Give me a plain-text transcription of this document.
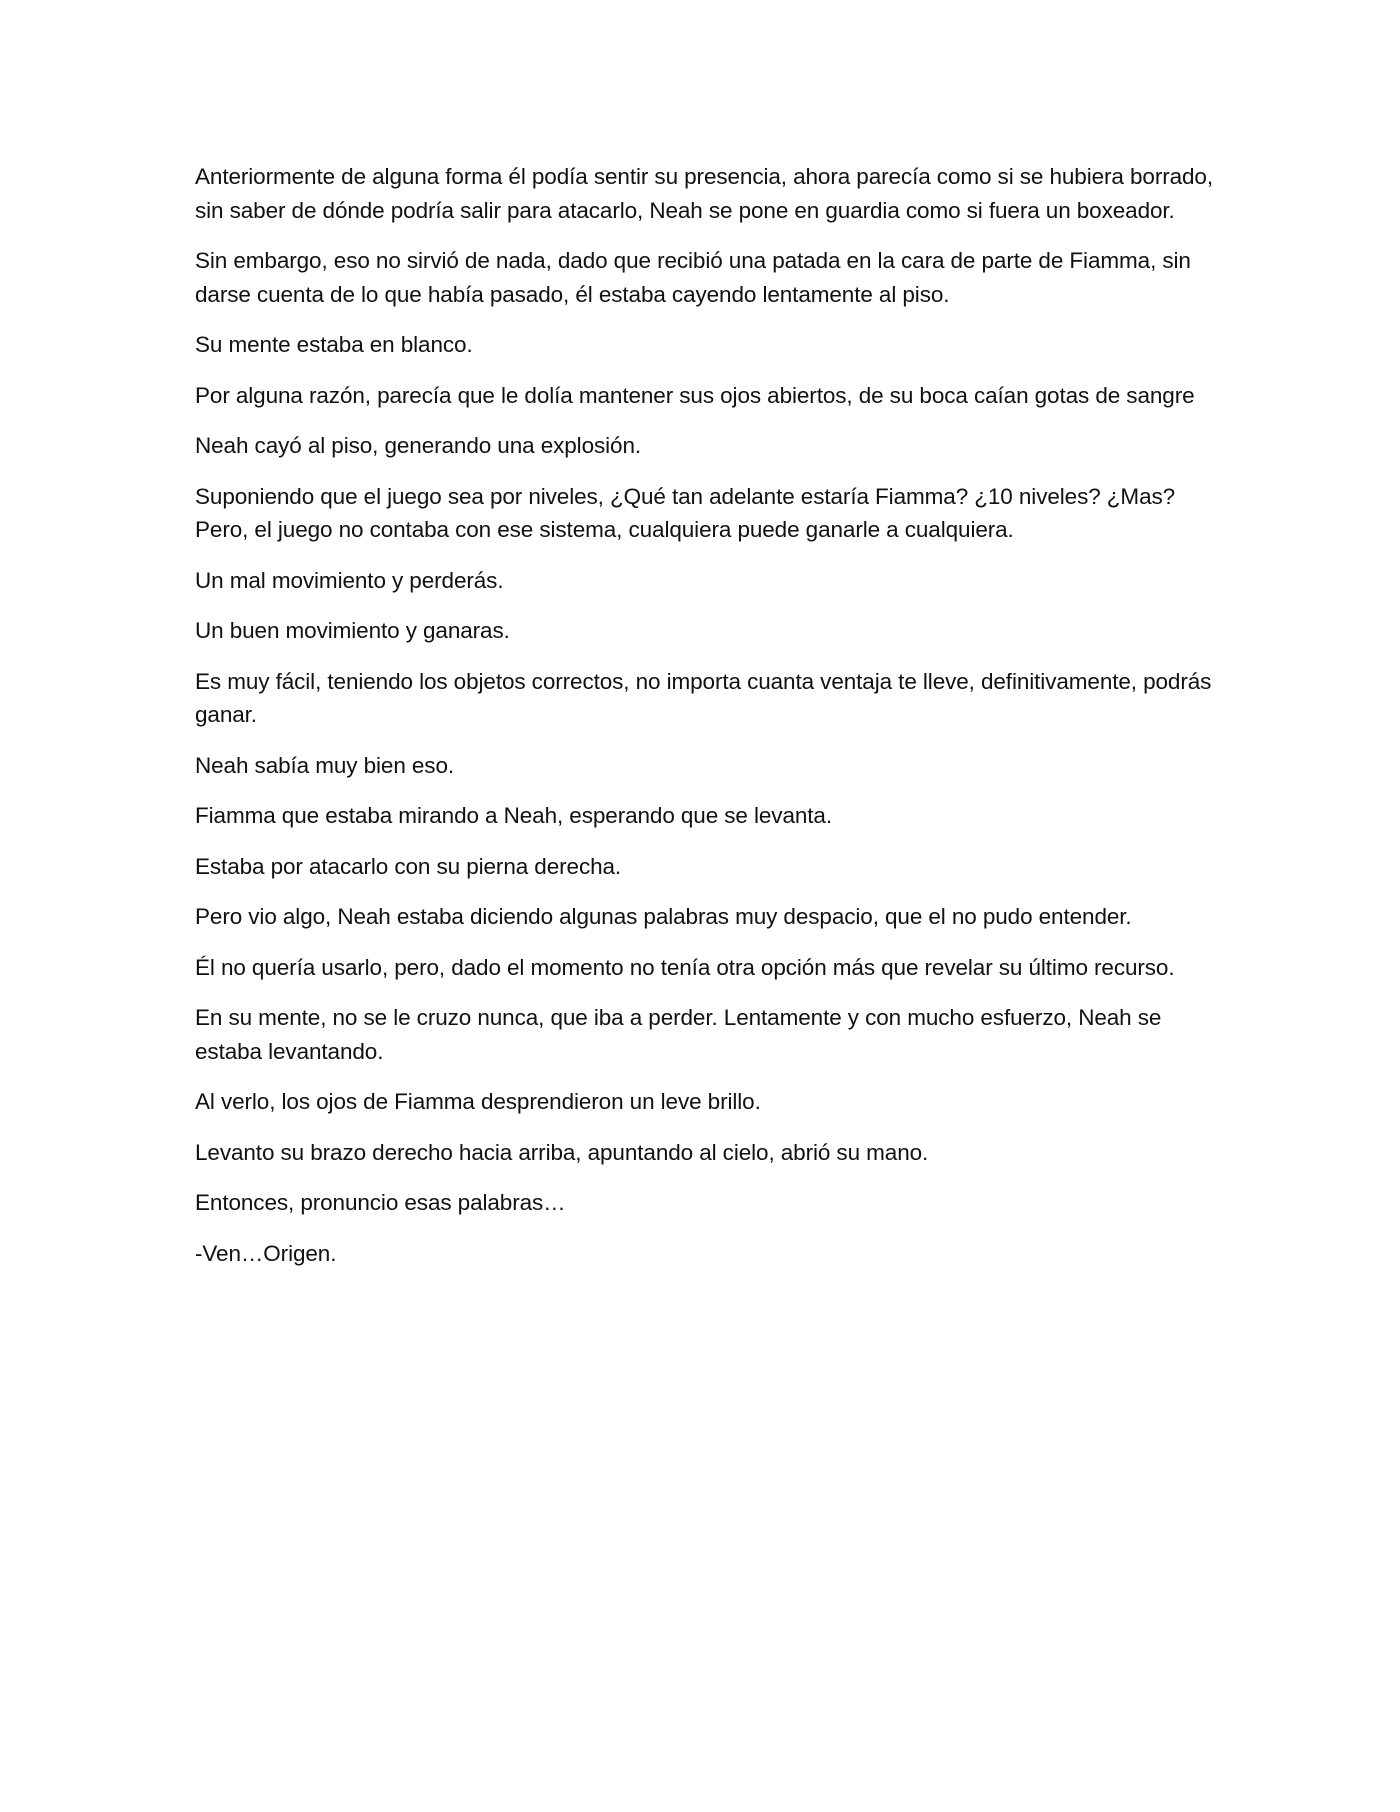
Anteriormente de alguna forma él podía sentir su presencia, ahora parecía como si se hubiera borrado, sin saber de dónde podría salir para atacarlo, Neah se pone en guardia como si fuera un boxeador.

Sin embargo, eso no sirvió de nada, dado que recibió una patada en la cara de parte de Fiamma, sin darse cuenta de lo que había pasado, él estaba cayendo lentamente al piso.

Su mente estaba en blanco.

Por alguna razón, parecía que le dolía mantener sus ojos abiertos, de su boca caían gotas de sangre

Neah cayó al piso, generando una explosión.

Suponiendo que el juego sea por niveles, ¿Qué tan adelante estaría Fiamma? ¿10 niveles? ¿Mas? Pero, el juego no contaba con ese sistema, cualquiera puede ganarle a cualquiera.

Un mal movimiento y perderás.

Un buen movimiento y ganaras.

Es muy fácil, teniendo los objetos correctos, no importa cuanta ventaja te lleve, definitivamente, podrás ganar.

Neah sabía muy bien eso.

Fiamma que estaba mirando a Neah, esperando que se levanta.

Estaba por atacarlo con su pierna derecha.

Pero vio algo, Neah estaba diciendo algunas palabras muy despacio, que el no pudo entender.

Él no quería usarlo, pero, dado el momento no tenía otra opción más que revelar su último recurso.

En su mente, no se le cruzo nunca, que iba a perder. Lentamente y con mucho esfuerzo, Neah se estaba levantando.

Al verlo, los ojos de Fiamma desprendieron un leve brillo.

Levanto su brazo derecho hacia arriba, apuntando al cielo, abrió su mano.

Entonces, pronuncio esas palabras…

-Ven…Origen.
